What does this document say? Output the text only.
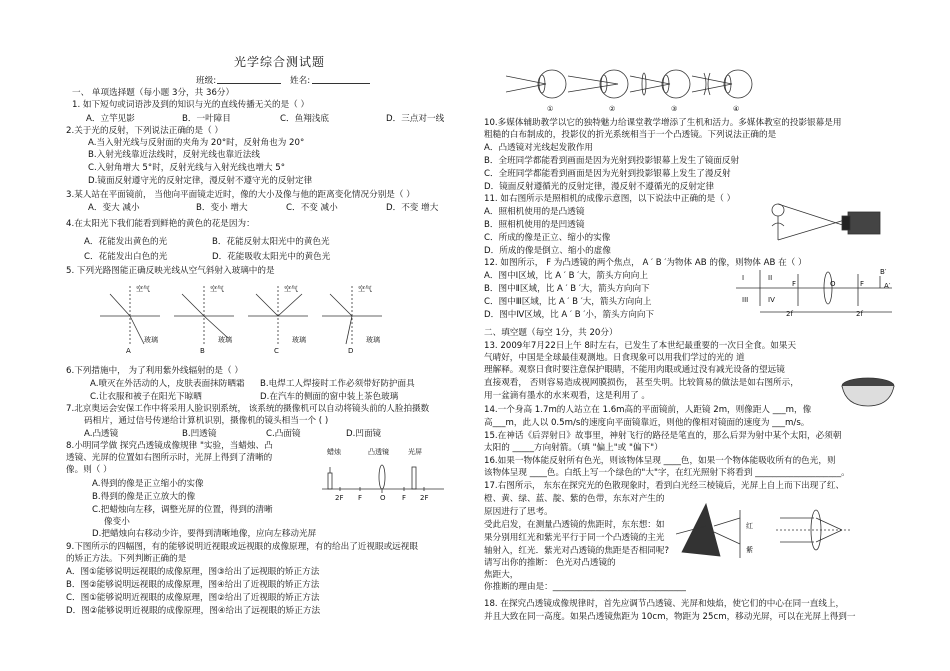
光学综合测试题
班级:	姓名:
一、 单项选择题（每小题 3分，共 36分）
1. 如下短句或词语涉及到的知识与光的直线传播无关的是（ ）
A．立竿见影	B．一叶障目	C．鱼翔浅底	D．三点对一线
2.关于光的反射，下列说法正确的是（ ）
A.当入射光线与反射面的夹角为 20°时，反射角也为 20°
B.入射光线靠近法线时，反射光线也靠近法线
C.入射角增大 5°时，反射光线与入射光线也增大 5°
D.镜面反射遵守光的反射定律，漫反射不遵守光的反射定律
3.某人站在平面镜前， 当他向平面镜走近时，像的大小及像与他的距离变化情况分别是（ ）
A．变大 减小	B．变小 增大	C．不变 减小	D．不变 增大
4.在太阳光下我们能看到鲜艳的黄色的花是因为：
A．花能发出黄色的光	B．花能反射太阳光中的黄色光
C．花能发出白色的光	D．花能吸收太阳光中的黄色光
5. 下列光路图能正确反映光线从空气斜射入玻璃中的是
空气	空气	空气	空气
玻璃	玻璃	玻璃	玻璃
A	B	C	D
6.下列措施中， 为了利用紫外线辐射的是（ ）
A.喷灭在外活动的人，皮肤表面抹防晒霜 B.电焊工人焊接时工作必须带好防护面具
C.让衣服和被子在阳光下晾晒	D.在汽车的侧面的窗中装上茶色玻璃
7.北京奥运会安保工作中将采用人脸识别系统， 该系统的摄像机可以自动将镜头前的人脸拍摄数
码相片，通过信号传递给计算机识别，摄像机的镜头相当一个 ( )
A.凸透镜	B.凹透镜	C.凸面镜	D.凹面镜
8.小明同学做 探究凸透镜成像规律 "实验，当蜡烛、凸
透镜、光屏的位置如右图所示时，光屏上得到了清晰的
像。则（ ）
A.得到的像是正立缩小的实像
B.得到的像是正立放大的像
C.把蜡烛向左移，调整光屏的位置，得到的清晰
像变小
D.把蜡烛向右移动少许，要得到清晰地像，应向左移动光屏
蜡烛	凸透镜	光屏
2F F	O F 2F
9.下图所示的四幅图，有的能够说明近视眼或远视眼的成像原理，有的给出了近视眼或远视眼
的矫正方法。下列判断正确的是
A．图①能够说明远视眼的成像原理，图③给出了远视眼的矫正方法
B．图②能够说明远视眼的成像原理，图④给出了近视眼的矫正方法
C．图①能够说明近视眼的成像原理，图②给出了近视眼的矫正方法
D．图②能够说明近视眼的成像原理，图④给出了远视眼的矫正方法
①	②	③	④
10.多媒体辅助教学以它的独特魅力给课堂教学增添了生机和活力。多媒体教室的投影银幕是用
粗糙的白布制成的，投影仪的折光系统相当于一个凸透镜。下列说法正确的是
A．凸透镜对光线起发散作用
B．全班同学都能看到画面是因为光射到投影银幕上发生了镜面反射
C．全班同学都能看到画面是因为光射到投影银幕上发生了漫反射
D．镜面反射遵循光的反射定律，漫反射不遵循光的反射定律
11. 如右图所示是照相机的成像示意图，以下说法中正确的是（ ）
A．照相机使用的是凸透镜
B．照相机使用的是凹透镜
C．所成的像是正立、缩小的实像
D．所成的像是倒立、缩小的虚像
12. 如图所示， F 为凸透镜的两个焦点， A ′ B ′为物体 AB 的像，则物体 AB 在（ ）
A．图中Ⅰ区域，比 A ′ B ′大，箭头方向向上
B．图中Ⅱ区域，比 A ′ B ′大，箭头方向向下
C．图中Ⅲ区域，比 A ′ B ′大，箭头方向向上
D．图中Ⅳ区域，比 A ′ B ′小，箭头方向向下
I	II
III	IV
F	O	F
B′
A′
2f	2f
二、填空题（每空 1分，共 20分）
13. 2009年7月22日上午 8时左右，已发生了本世纪最重要的一次日全食。如果天
气晴好，中国是全球最佳观测地。日食现象可以用我们学过的光的 道
理解释。观察日食时要注意保护眼睛，不能用肉眼或通过没有减光设备的望远镜
直接观看， 否则容易造成视网膜损伤， 甚至失明。比较简易的做法是如右图所示，
用一盆滴有墨水的水来观看，这是利用了 。
14.一个身高 1.7m的人站立在 1.6m高的平面镜前，人距镜 2m，则像距人 ___m，像
高___m，此人以 0.5m/s的速度向平面镜靠近，则他的像相对镜面的速度为 ___m/s。
15.在神话《后羿射日》故事里，神射飞行的路径是笔直的，那么后羿为射中某个太阳，必须朝
太阳的 _____方向射箭。（填 "偏上"或 "偏下"）
16.如果一物体能反射所有色光，则该物体呈现 ____色，如果一个物体能吸收所有的色光，则
该物体呈现 ____色。白纸上写一个绿色的"大"字，在红光照射下将看到 ____________________。
17.右图所示， 东东在探究光的色散现象时，看到白光经三棱镜后，光屏上自上而下出现了红、
橙、黄、绿、蓝、靛、紫的色带，东东对产生的
原因进行了思考。
受此启发，在测量凸透镜的焦距时，东东想：如
果分别用红光和紫光平行于同一个凸透镜的主光
轴射入，红光．紫光对凸透镜的焦距是否相同呢?
请写出你的推断： 色光对凸透镜的
焦距大，
你推断的理由是：_______________________________
红
紫
18. 在探究凸透镜成像规律时，首先应调节凸透镜、光屏和烛焰，使它们的中心在同一直线上，
并且大致在同一高度。如果凸透镜焦距为 10cm，物距为 25cm，移动光屏，可以在光屏上得到一
